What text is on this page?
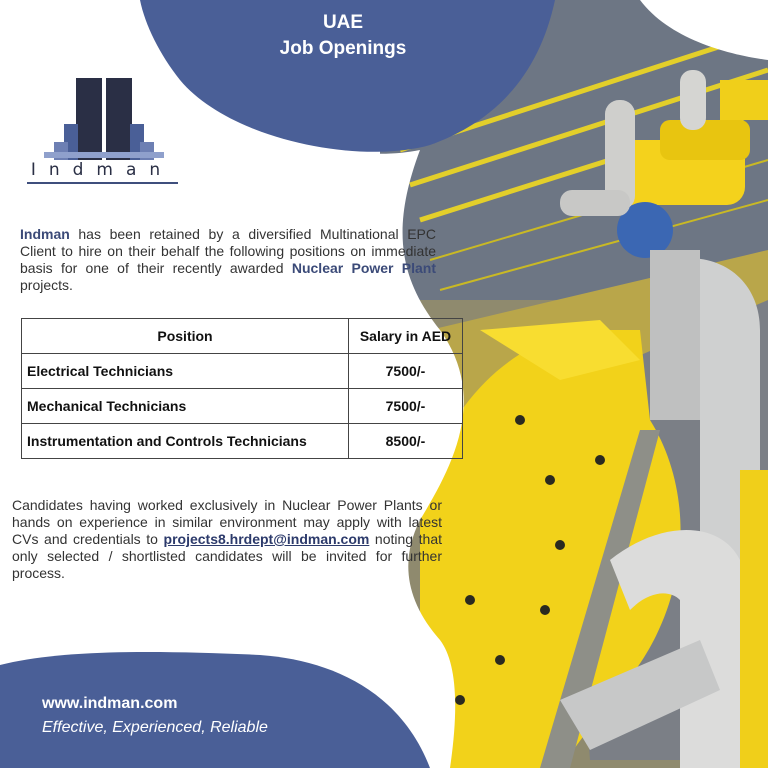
UAE
Job Openings
Indman
Indman has been retained by a diversified Multinational EPC Client to hire on their behalf the following positions on immediate basis for one of their recently awarded Nuclear Power Plant projects.
Position	Salary in AED
Electrical Technicians	7500/-
Mechanical Technicians	7500/-
Instrumentation and Controls Technicians	8500/-
Candidates having worked exclusively in Nuclear Power Plants or hands on experience in similar environment may apply with latest CVs and credentials to projects8.hrdept@indman.com noting that only selected / shortlisted candidates will be invited for further process.
www.indman.com
Effective, Experienced, Reliable
